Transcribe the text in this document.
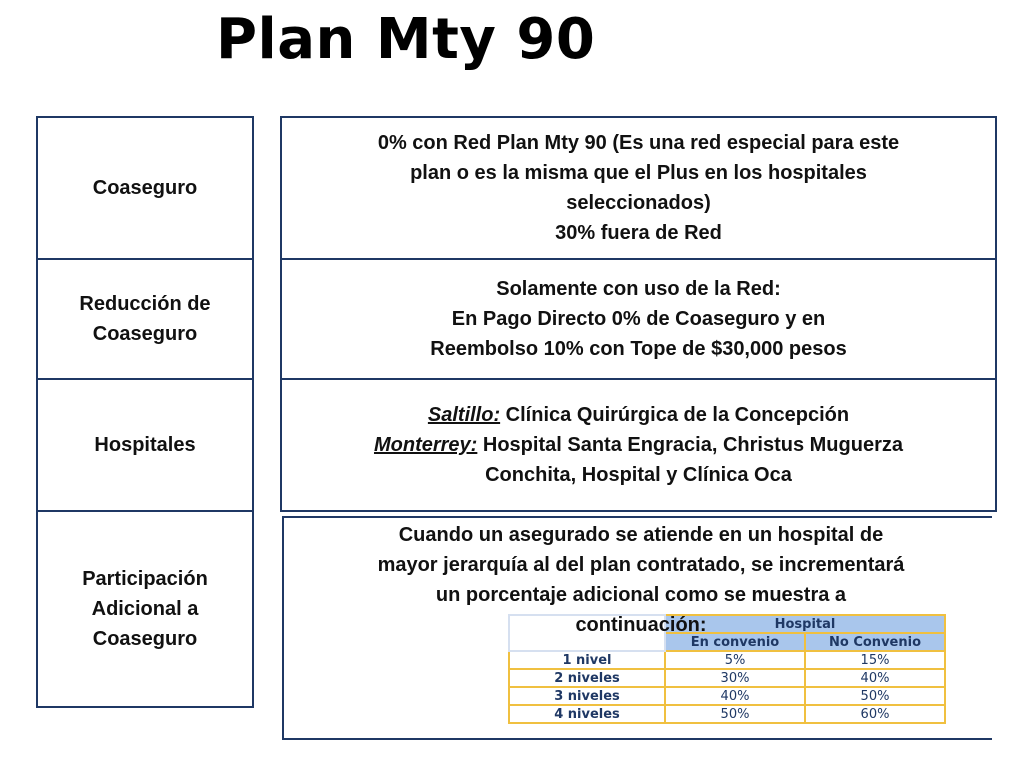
Plan Mty 90
Coaseguro
0% con Red Plan Mty 90 (Es una red especial para este
plan o es la misma que el Plus en los hospitales
seleccionados)
30% fuera de Red
Reducción de Coaseguro
Solamente con uso de la Red:
En Pago Directo 0% de Coaseguro y en
Reembolso 10% con Tope de $30,000 pesos
Hospitales
Saltillo: Clínica Quirúrgica de la Concepción
Monterrey: Hospital Santa Engracia, Christus Muguerza
Conchita, Hospital y Clínica Oca
Participación Adicional a Coaseguro
Cuando un asegurado se atiende en un hospital de
mayor jerarquía al del plan contratado, se incrementará
un porcentaje adicional como se muestra a
continuación:
		Hospital	
	En convenio	No Convenio
1 nivel	5%	15%
2 niveles	30%	40%
3 niveles	40%	50%
4 niveles	50%	60%
